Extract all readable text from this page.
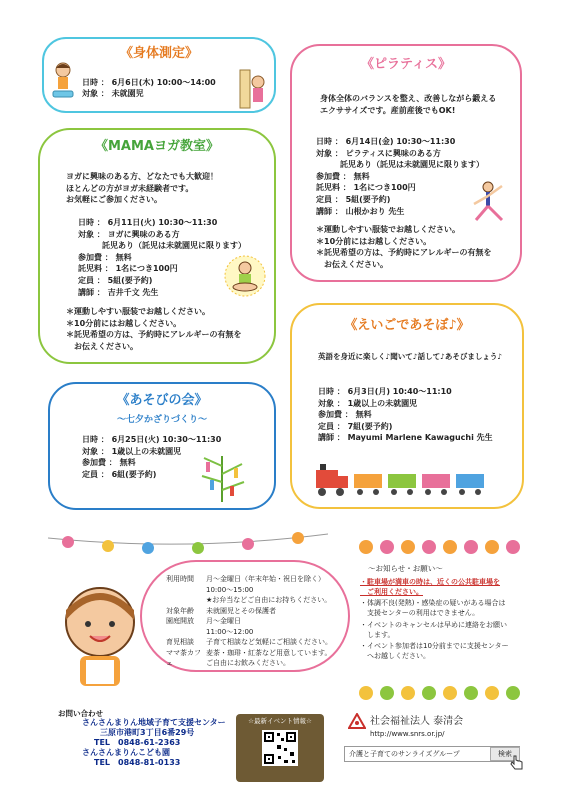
《身体測定》
日時 ： 6月6日(木) 10:00〜14:00
対象 ： 未就園児
《ピラティス》
身体全体のバランスを整え、改善しながら鍛える
エクササイズです。産前産後でもOK!
日時 ： 6月14日(金) 10:30〜11:30
対象 ： ピラティスに興味のある方
　　　託児あり（託児は未就園児に限ります）
参加費 ： 無料
託児料 ： 1名につき100円
定員 ： 5組(要予約)
講師 ： 山根かおり 先生
＊運動しやすい服装でお越しください。
＊10分前にはお越しください。
＊託児希望の方は、予約時にアレルギーの有無を
　お伝えください。
《MAMAヨガ教室》
ヨガに興味のある方、どなたでも大歓迎！
ほとんどの方がヨガ未経験者です。
お気軽にご参加ください。
日時 ： 6月11日(火) 10:30〜11:30
対象 ： ヨガに興味のある方
　　　託児あり（託児は未就園児に限ります）
参加費 ： 無料
託児料 ： 1名につき100円
定員 ： 5組(要予約)
講師 ： 吉井千文 先生
＊運動しやすい服装でお越しください。
＊10分前にはお越しください。
＊託児希望の方は、予約時にアレルギーの有無を
　お伝えください。
《えいごであそぼ♪》
英語を身近に楽しく♪聞いて♪話して♪あそびましょう♪
日時 ： 6月3日(月) 10:40〜11:10
対象 ： 1歳以上の未就園児
参加費 ： 無料
定員 ： 7組(要予約)
講師 ： Mayumi Marlene Kawaguchi 先生
《あそびの会》
〜七夕かざりづくり〜
日時 ： 6月25日(火) 10:30〜11:30
対象 ： 1歳以上の未就園児
参加費 ： 無料
定員 ： 6組(要予約)
利用時間	月〜金曜日（年末年始・祝日を除く）
10:00〜15:00
★お弁当などご自由にお持ちください。
対象年齢	未就園児とその保護者
園庭開放	月〜金曜日
11:00〜12:00
育児相談	子育て相談など気軽にご相談ください。
ママ茶カフェ
麦茶・珈琲・紅茶など用意しています。
ご自由にお飲みください。
〜お知らせ・お願い〜
・駐車場が満車の時は、近くの公共駐車場を
　ご利用ください。
・体調不良(発熱)・感染症の疑いがある場合は
　支援センターの利用はできません。
・イベントのキャンセルは早めに連絡をお願い
　します。
・イベント参加者は10分前までに支援センター
　へお越しください。
お問い合わせ
さんさんまりん地域子育て支援センター
三原市港町3丁目6番29号
TEL　0848-61-2363
さんさんまりんこども園
TEL　0848-81-0133
☆最新イベント情報☆	社会福祉法人 泰清会
http://www.snrs.or.jp/
介護と子育てのサンライズグループ	検索
